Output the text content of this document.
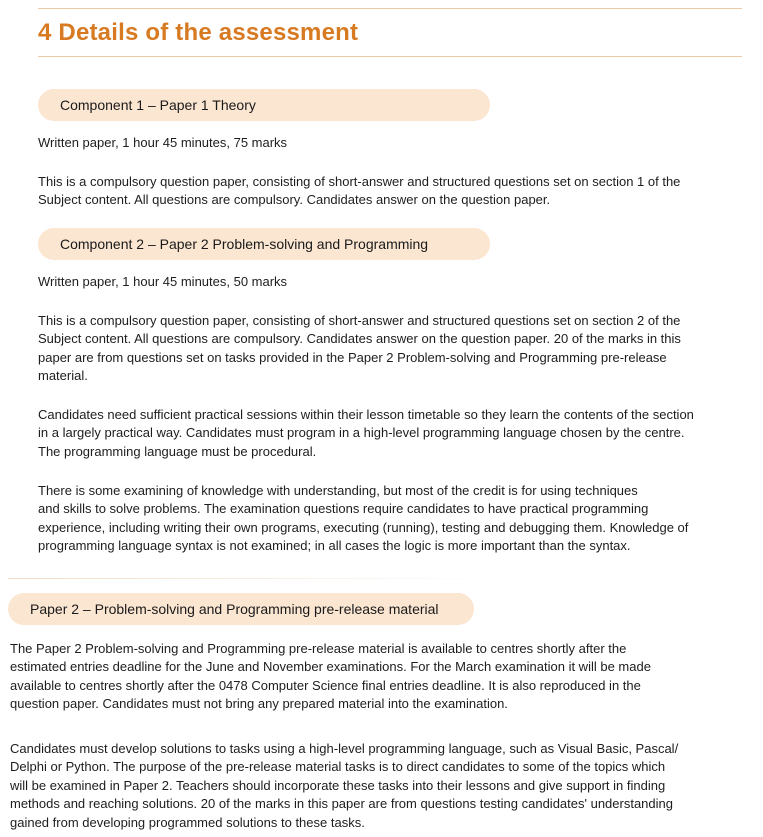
4 Details of the assessment
Component 1 – Paper 1 Theory
Written paper, 1 hour 45 minutes, 75 marks
This is a compulsory question paper, consisting of short-answer and structured questions set on section 1 of the
Subject content. All questions are compulsory. Candidates answer on the question paper.
Component 2 – Paper 2 Problem-solving and Programming
Written paper, 1 hour 45 minutes, 50 marks
This is a compulsory question paper, consisting of short-answer and structured questions set on section 2 of the
Subject content. All questions are compulsory. Candidates answer on the question paper. 20 of the marks in this
paper are from questions set on tasks provided in the Paper 2 Problem-solving and Programming pre-release
material.
Candidates need sufficient practical sessions within their lesson timetable so they learn the contents of the section
in a largely practical way. Candidates must program in a high-level programming language chosen by the centre.
The programming language must be procedural.
There is some examining of knowledge with understanding, but most of the credit is for using techniques
and skills to solve problems. The examination questions require candidates to have practical programming
experience, including writing their own programs, executing (running), testing and debugging them. Knowledge of
programming language syntax is not examined; in all cases the logic is more important than the syntax.
Paper 2 – Problem-solving and Programming pre-release material
The Paper 2 Problem-solving and Programming pre-release material is available to centres shortly after the
estimated entries deadline for the June and November examinations. For the March examination it will be made
available to centres shortly after the 0478 Computer Science final entries deadline. It is also reproduced in the
question paper. Candidates must not bring any prepared material into the examination.
Candidates must develop solutions to tasks using a high-level programming language, such as Visual Basic, Pascal/
Delphi or Python. The purpose of the pre-release material tasks is to direct candidates to some of the topics which
will be examined in Paper 2. Teachers should incorporate these tasks into their lessons and give support in finding
methods and reaching solutions. 20 of the marks in this paper are from questions testing candidates' understanding
gained from developing programmed solutions to these tasks.
